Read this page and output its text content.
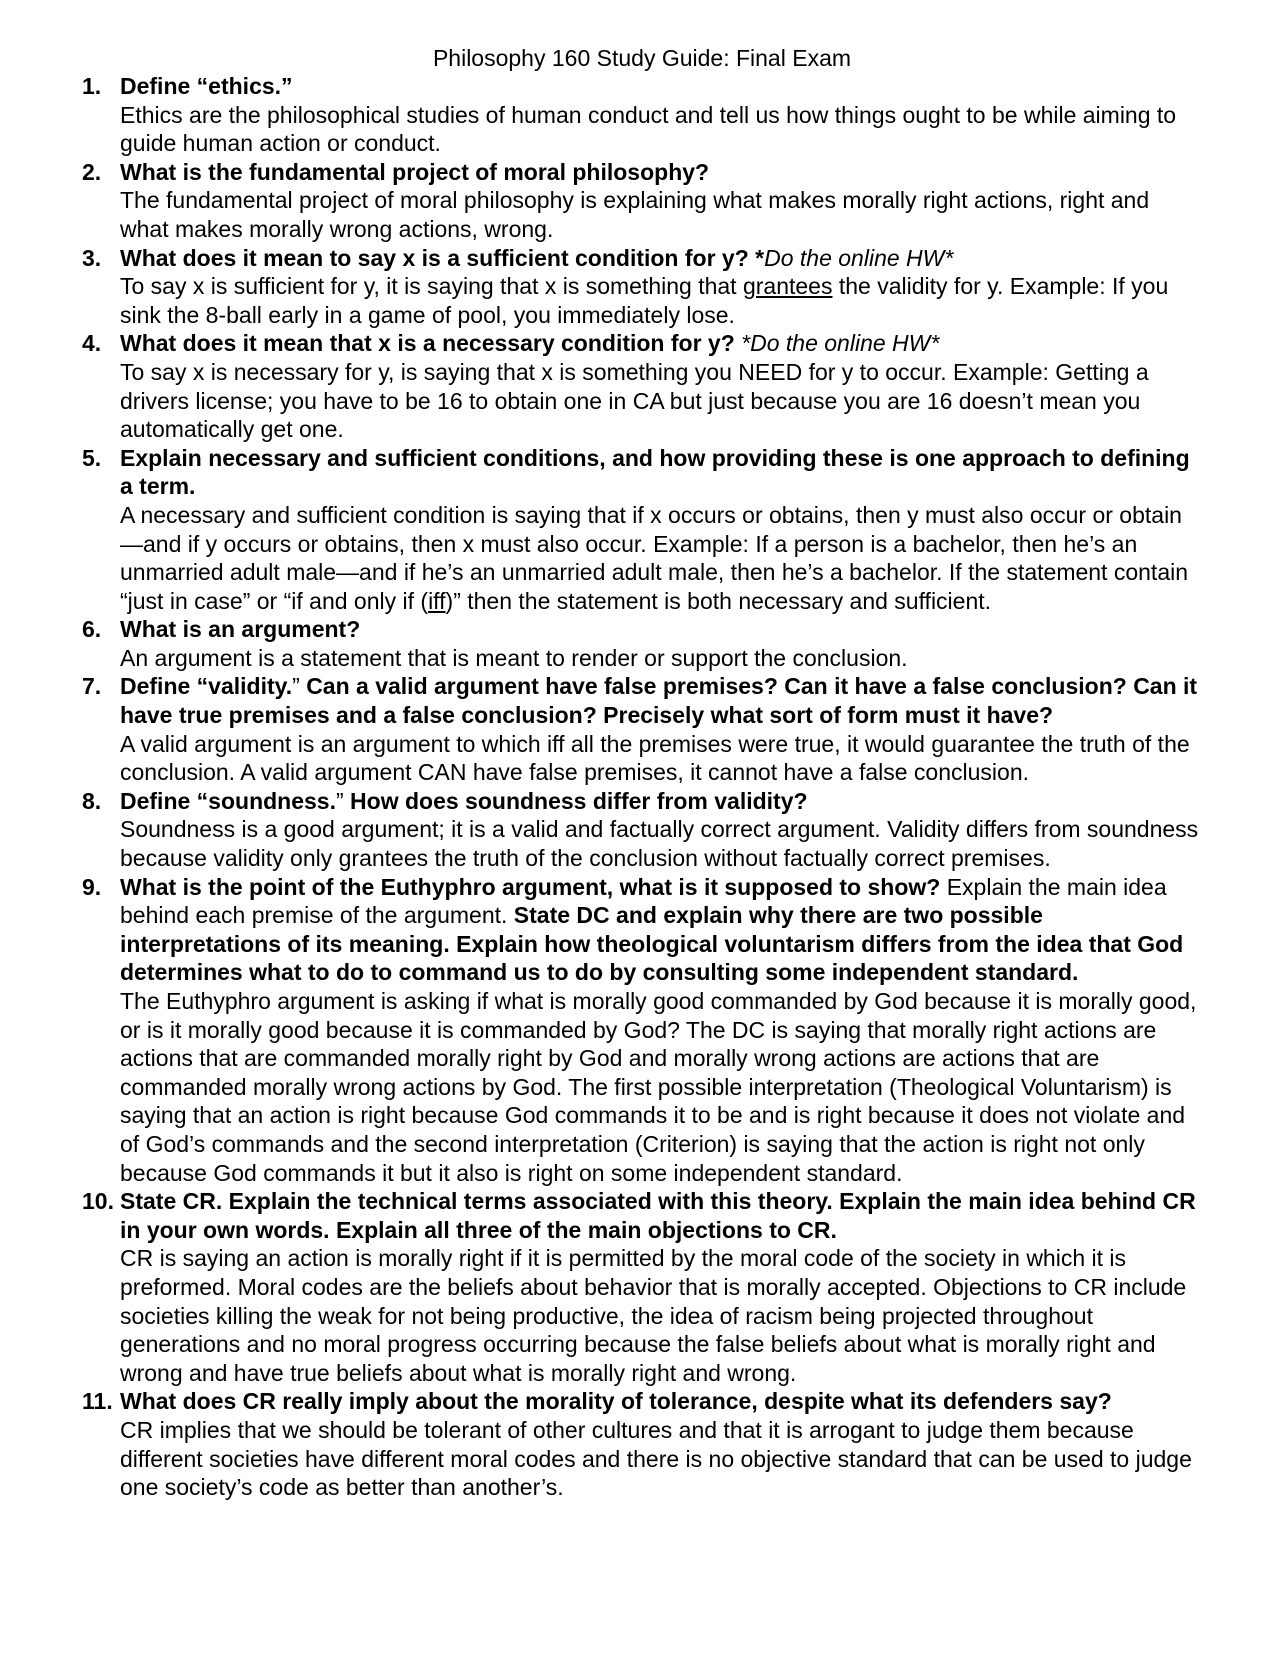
Philosophy 160 Study Guide: Final Exam
1. Define “ethics.”
Ethics are the philosophical studies of human conduct and tell us how things ought to be while aiming to guide human action or conduct.
2. What is the fundamental project of moral philosophy?
The fundamental project of moral philosophy is explaining what makes morally right actions, right and what makes morally wrong actions, wrong.
3. What does it mean to say x is a sufficient condition for y? *Do the online HW*
To say x is sufficient for y, it is saying that x is something that grantees the validity for y. Example: If you sink the 8-ball early in a game of pool, you immediately lose.
4. What does it mean that x is a necessary condition for y? *Do the online HW*
To say x is necessary for y, is saying that x is something you NEED for y to occur. Example: Getting a drivers license; you have to be 16 to obtain one in CA but just because you are 16 doesn’t mean you automatically get one.
5. Explain necessary and sufficient conditions, and how providing these is one approach to defining a term.
A necessary and sufficient condition is saying that if x occurs or obtains, then y must also occur or obtain—and if y occurs or obtains, then x must also occur. Example: If a person is a bachelor, then he’s an unmarried adult male—and if he’s an unmarried adult male, then he’s a bachelor. If the statement contain “just in case” or “if and only if (iff)” then the statement is both necessary and sufficient.
6. What is an argument?
An argument is a statement that is meant to render or support the conclusion.
7. Define “validity.” Can a valid argument have false premises? Can it have a false conclusion? Can it have true premises and a false conclusion? Precisely what sort of form must it have?
A valid argument is an argument to which iff all the premises were true, it would guarantee the truth of the conclusion. A valid argument CAN have false premises, it cannot have a false conclusion.
8. Define “soundness.” How does soundness differ from validity?
Soundness is a good argument; it is a valid and factually correct argument. Validity differs from soundness because validity only grantees the truth of the conclusion without factually correct premises.
9. What is the point of the Euthyphro argument, what is it supposed to show? Explain the main idea behind each premise of the argument. State DC and explain why there are two possible interpretations of its meaning. Explain how theological voluntarism differs from the idea that God determines what to do to command us to do by consulting some independent standard.
The Euthyphro argument is asking if what is morally good commanded by God because it is morally good, or is it morally good because it is commanded by God? The DC is saying that morally right actions are actions that are commanded morally right by God and morally wrong actions are actions that are commanded morally wrong actions by God. The first possible interpretation (Theological Voluntarism) is saying that an action is right because God commands it to be and is right because it does not violate and of God’s commands and the second interpretation (Criterion) is saying that the action is right not only because God commands it but it also is right on some independent standard.
10. State CR. Explain the technical terms associated with this theory. Explain the main idea behind CR in your own words. Explain all three of the main objections to CR.
CR is saying an action is morally right if it is permitted by the moral code of the society in which it is preformed. Moral codes are the beliefs about behavior that is morally accepted. Objections to CR include societies killing the weak for not being productive, the idea of racism being projected throughout generations and no moral progress occurring because the false beliefs about what is morally right and wrong and have true beliefs about what is morally right and wrong.
11. What does CR really imply about the morality of tolerance, despite what its defenders say?
CR implies that we should be tolerant of other cultures and that it is arrogant to judge them because different societies have different moral codes and there is no objective standard that can be used to judge one society’s code as better than another’s.
